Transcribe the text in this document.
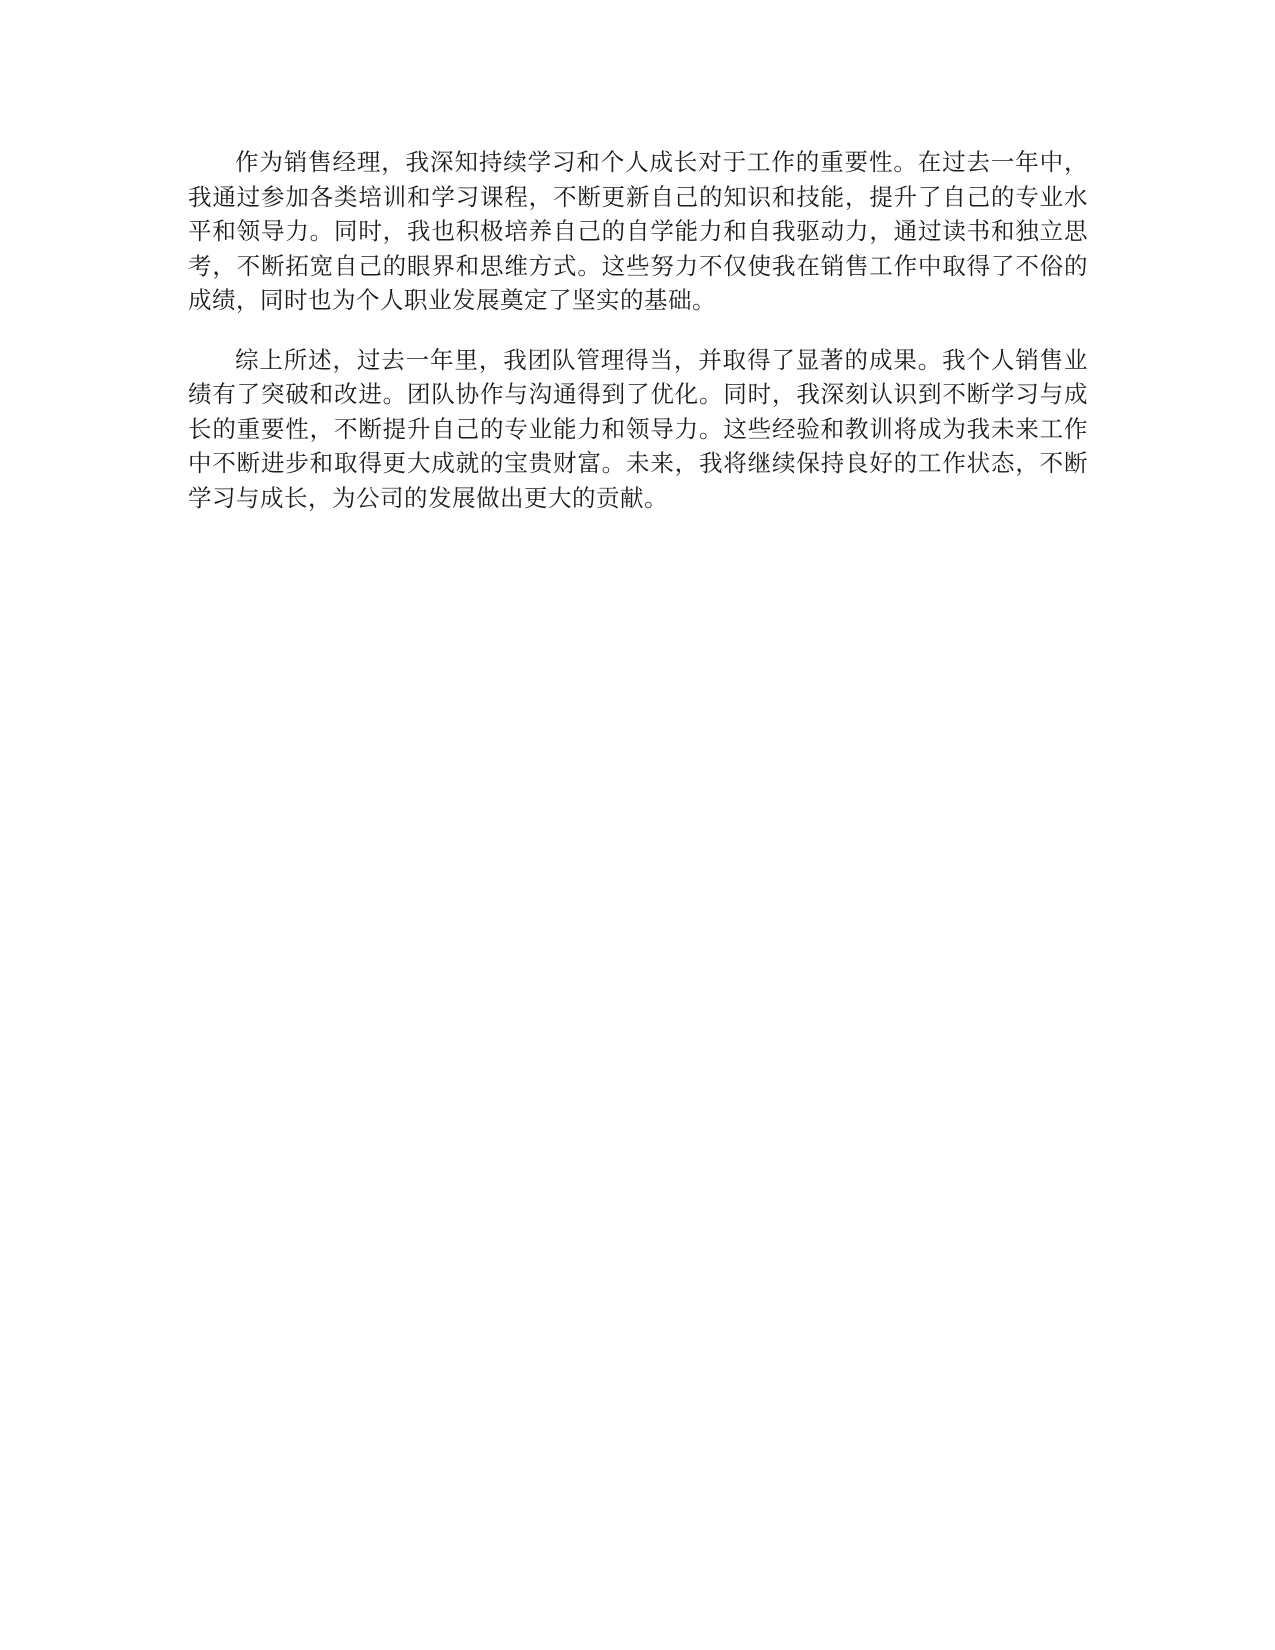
作为销售经理，我深知持续学习和个人成长对于工作的重要性。在过去一年中，我通过参加各类培训和学习课程，不断更新自己的知识和技能，提升了自己的专业水平和领导力。同时，我也积极培养自己的自学能力和自我驱动力，通过读书和独立思考，不断拓宽自己的眼界和思维方式。这些努力不仅使我在销售工作中取得了不俗的成绩，同时也为个人职业发展奠定了坚实的基础。

综上所述，过去一年里，我团队管理得当，并取得了显著的成果。我个人销售业绩有了突破和改进。团队协作与沟通得到了优化。同时，我深刻认识到不断学习与成长的重要性，不断提升自己的专业能力和领导力。这些经验和教训将成为我未来工作中不断进步和取得更大成就的宝贵财富。未来，我将继续保持良好的工作状态，不断学习与成长，为公司的发展做出更大的贡献。
